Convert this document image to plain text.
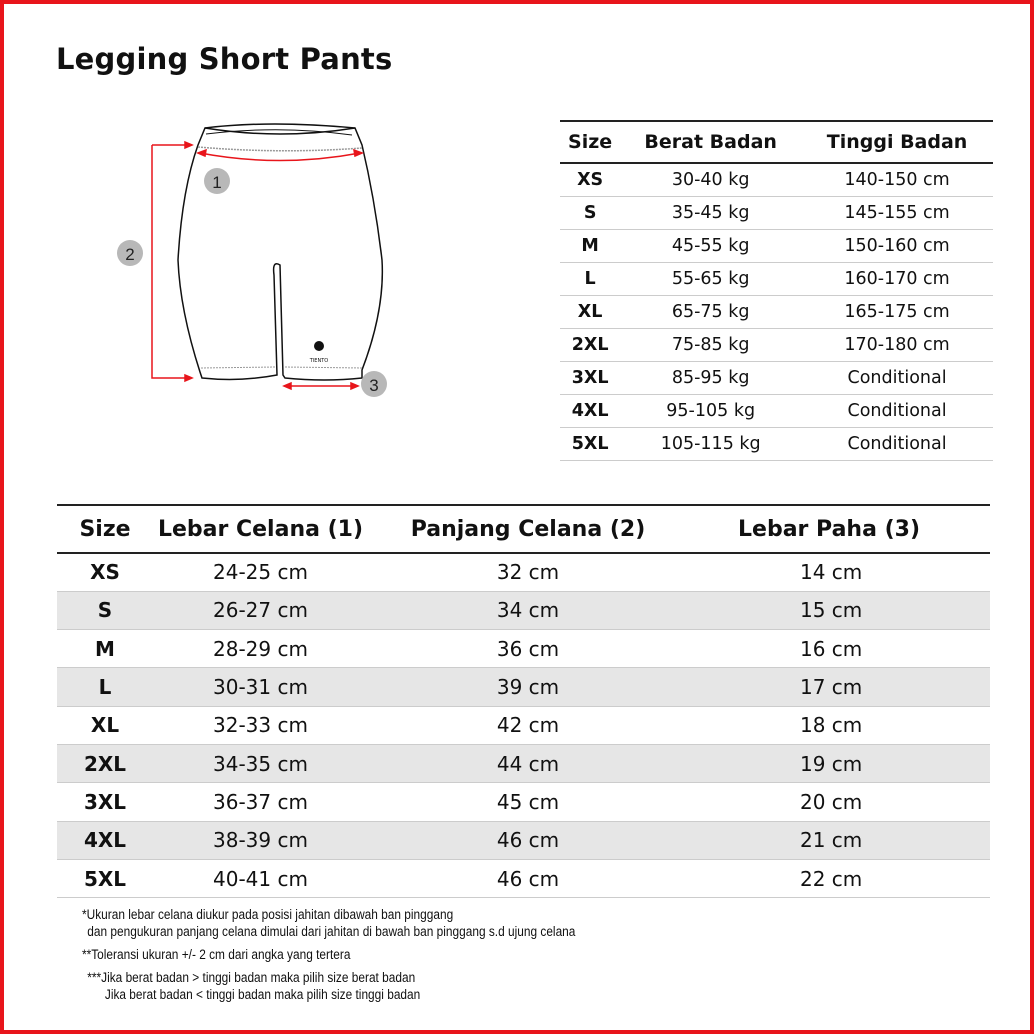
Legging Short Pants
TIENTO
1
2
3
Size	Berat Badan	Tinggi Badan
XS	30-40 kg	140-150 cm
S	35-45 kg	145-155 cm
M	45-55 kg	150-160 cm
L	55-65 kg	160-170 cm
XL	65-75 kg	165-175 cm
2XL	75-85 kg	170-180 cm
3XL	85-95 kg	Conditional
4XL	95-105 kg	Conditional
5XL	105-115 kg	Conditional
Size	Lebar Celana (1)	Panjang Celana (2)	Lebar Paha (3)
XS	24-25 cm	32 cm	14 cm
S	26-27 cm	34 cm	15 cm
M	28-29 cm	36 cm	16 cm
L	30-31 cm	39 cm	17 cm
XL	32-33 cm	42 cm	18 cm
2XL	34-35 cm	44 cm	19 cm
3XL	36-37 cm	45 cm	20 cm
4XL	38-39 cm	46 cm	21 cm
5XL	40-41 cm	46 cm	22 cm

*Ukuran lebar celana diukur pada posisi jahitan dibawah ban pinggang
dan pengukuran panjang celana dimulai dari jahitan di bawah ban pinggang s.d ujung celana

**Toleransi ukuran +/- 2 cm dari angka yang tertera

***Jika berat badan > tinggi badan maka pilih size berat badan
Jika berat badan < tinggi badan maka pilih size tinggi badan
